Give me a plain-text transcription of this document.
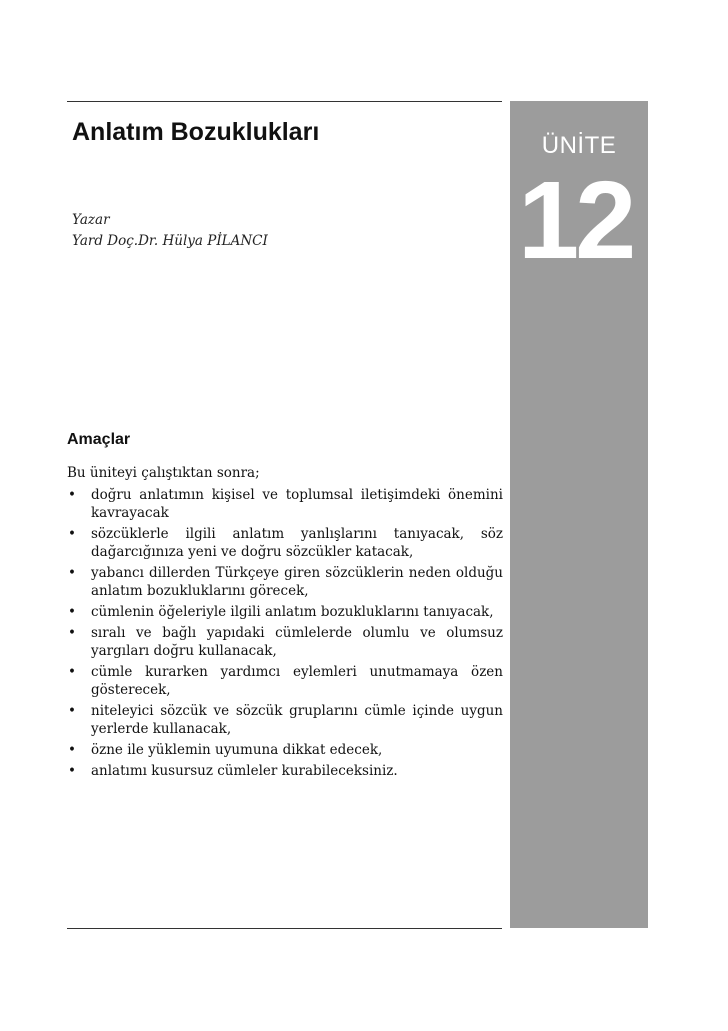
Anlatım Bozuklukları
Yazar
Yard Doç.Dr. Hülya PİLANCI
ÜNİTE
12
Amaçlar

Bu üniteyi çalıştıktan sonra;

• doğru anlatımın kişisel ve toplumsal iletişimdeki önemini kavrayacak
• sözcüklerle ilgili anlatım yanlışlarını tanıyacak, söz dağarcığınıza yeni ve doğru sözcükler katacak,
• yabancı dillerden Türkçeye giren sözcüklerin neden olduğu anlatım bozukluklarını görecek,
• cümlenin öğeleriyle ilgili anlatım bozukluklarını tanıyacak,
• sıralı ve bağlı yapıdaki cümlelerde olumlu ve olumsuz yargıları doğru kullanacak,
• cümle kurarken yardımcı eylemleri unutmamaya özen gösterecek,
• niteleyici sözcük ve sözcük gruplarını cümle içinde uygun yerlerde kullanacak,
• özne ile yüklemin uyumuna dikkat edecek,
• anlatımı kusursuz cümleler kurabileceksiniz.
